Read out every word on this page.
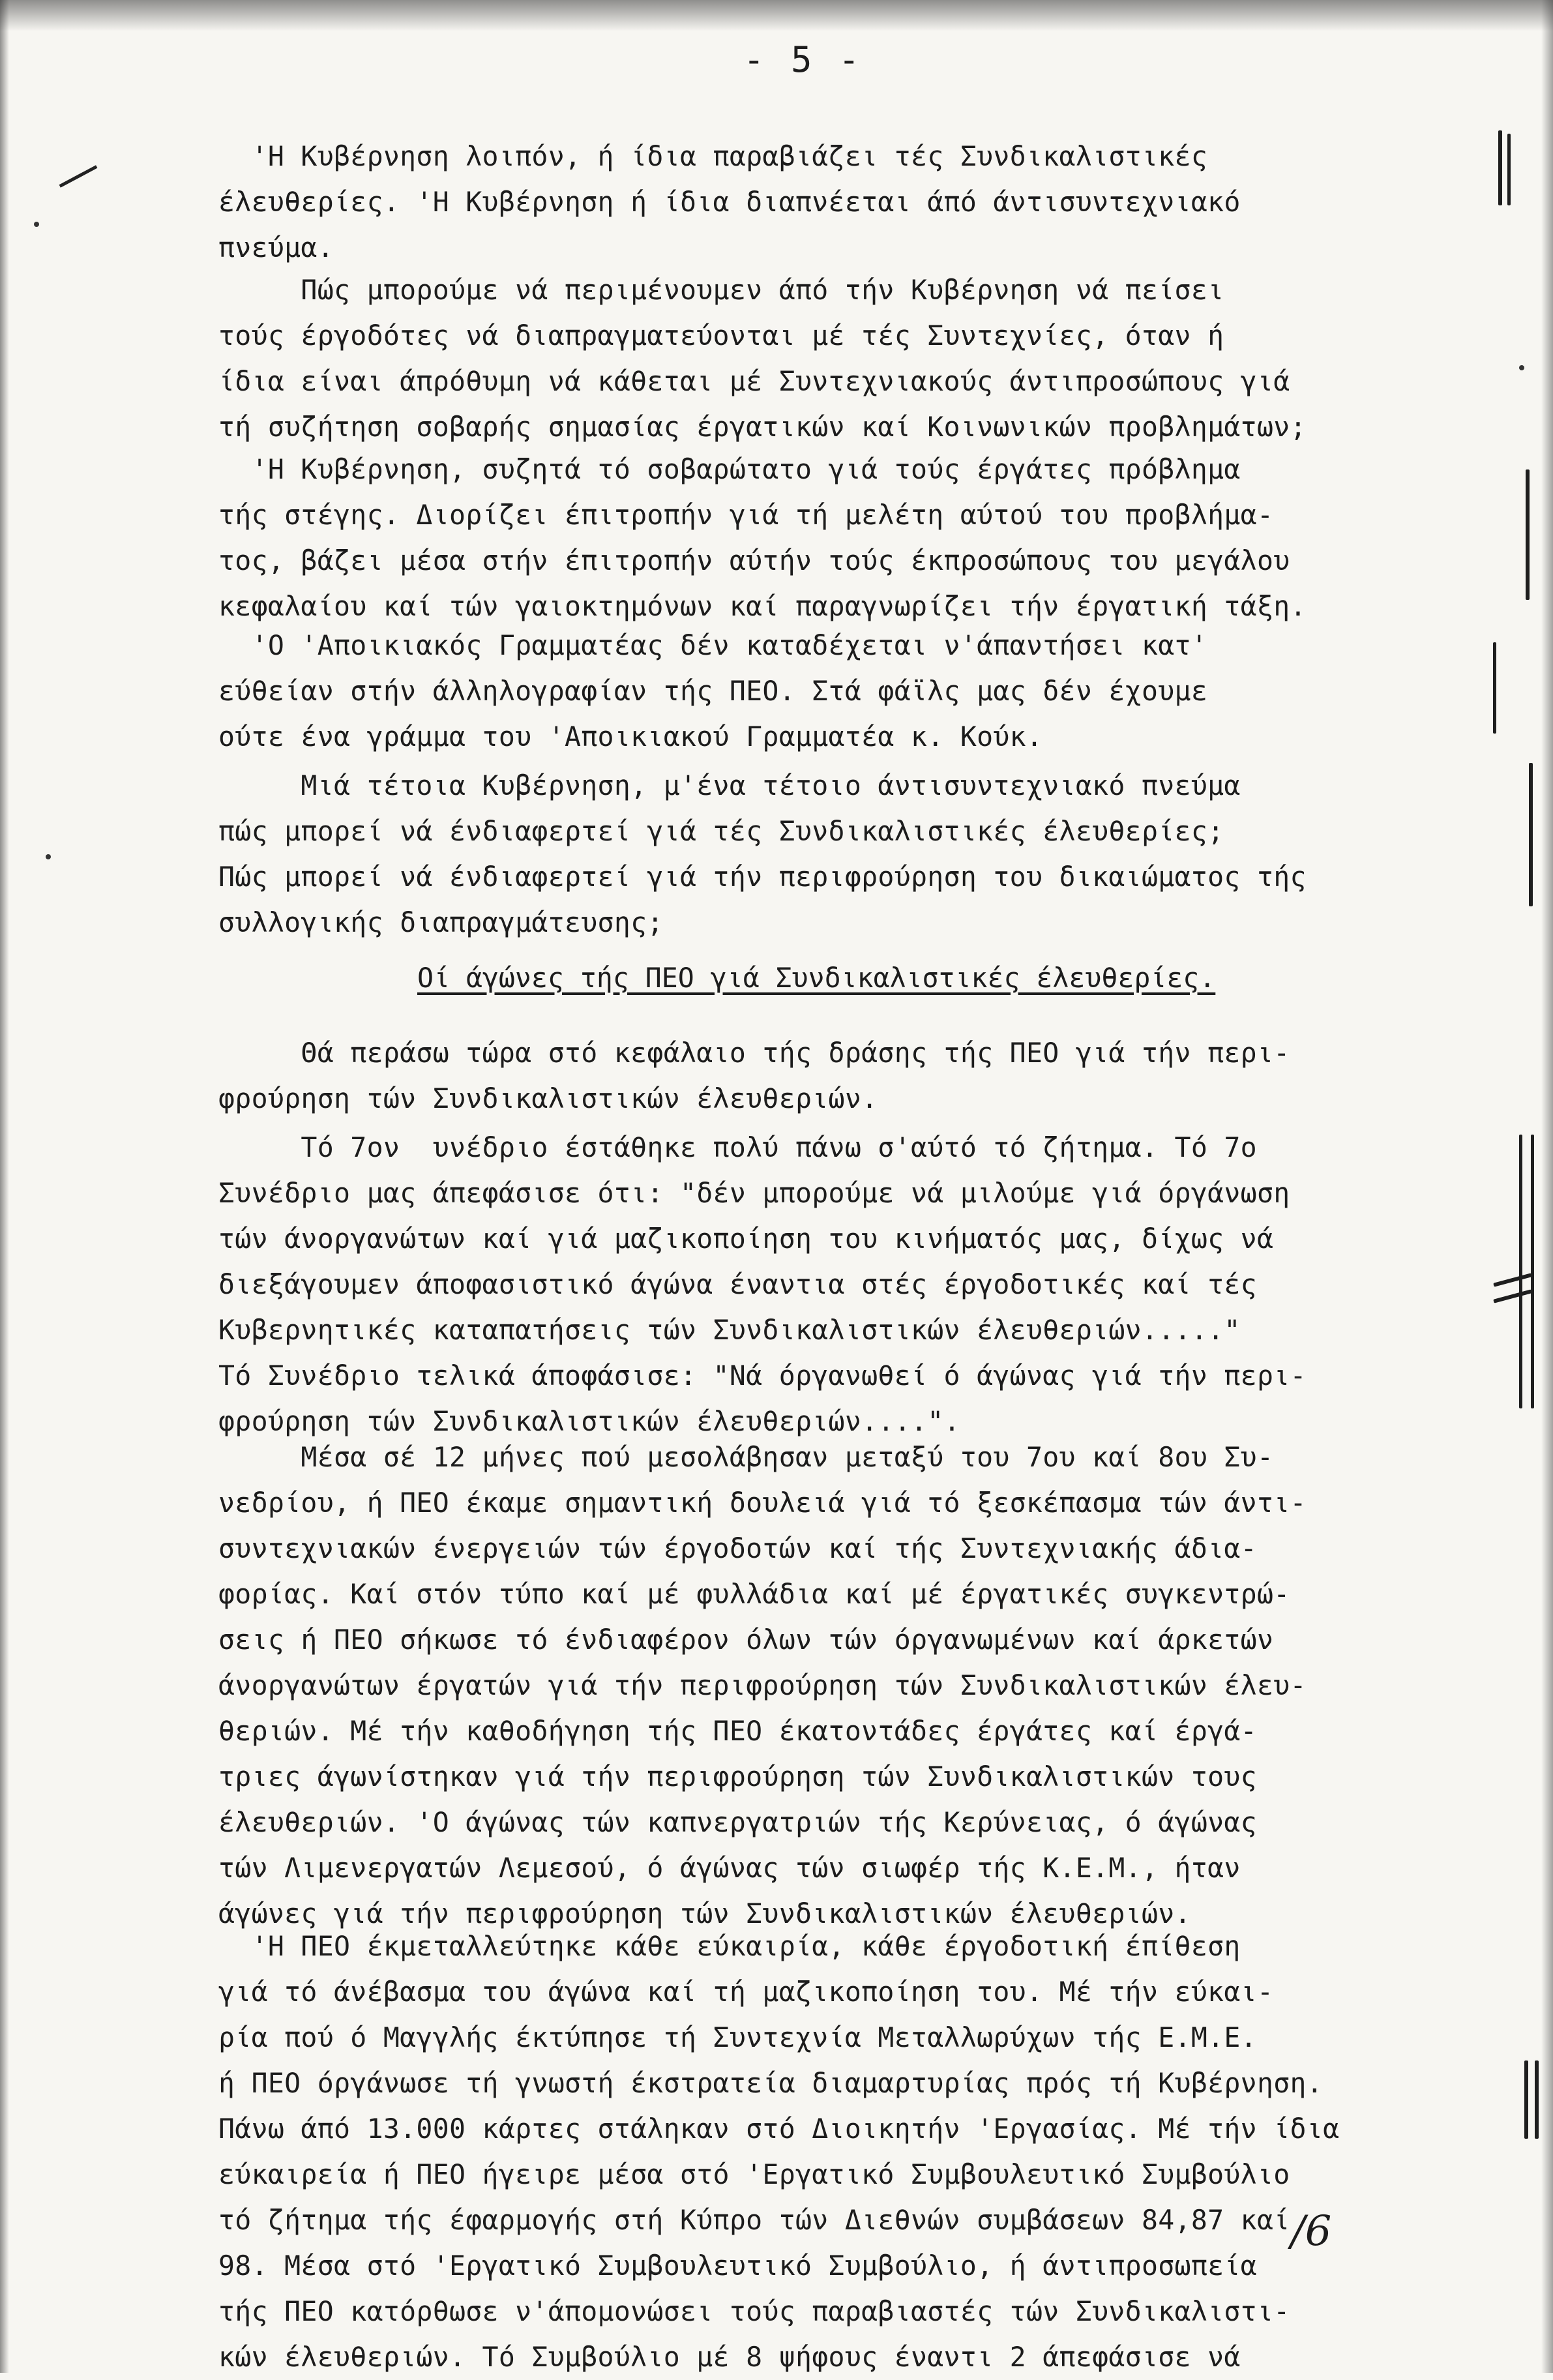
- 5 -
'Η Κυβέρνηση λοιπόν, ή ίδια παραβιάζει τές Συνδικαλιστικές
έλευθερίες. 'Η Κυβέρνηση ή ίδια διαπνέεται άπό άντισυντεχνιακό
πνεύμα.
Πώς μπορούμε νά περιμένουμεν άπό τήν Κυβέρνηση νά πείσει
τούς έργοδότες νά διαπραγματεύονται μέ τές Συντεχνίες, όταν ή
ίδια είναι άπρόθυμη νά κάθεται μέ Συντεχνιακούς άντιπροσώπους γιά
τή συζήτηση σοβαρής σημασίας έργατικών καί Κοινωνικών προβλημάτων;
'Η Κυβέρνηση, συζητά τό σοβαρώτατο γιά τούς έργάτες πρόβλημα
τής στέγης. Διορίζει έπιτροπήν γιά τή μελέτη αύτού του προβλήμα-
τος, βάζει μέσα στήν έπιτροπήν αύτήν τούς έκπροσώπους του μεγάλου
κεφαλαίου καί τών γαιοκτημόνων καί παραγνωρίζει τήν έργατική τάξη.
'Ο 'Αποικιακός Γραμματέας δέν καταδέχεται ν'άπαντήσει κατ'
εύθείαν στήν άλληλογραφίαν τής ΠΕΟ. Στά φάϊλς μας δέν έχουμε
ούτε ένα γράμμα του 'Αποικιακού Γραμματέα κ. Κούκ.
Μιά τέτοια Κυβέρνηση, μ'ένα τέτοιο άντισυντεχνιακό πνεύμα
πώς μπορεί νά ένδιαφερτεί γιά τές Συνδικαλιστικές έλευθερίες;
Πώς μπορεί νά ένδιαφερτεί γιά τήν περιφρούρηση του δικαιώματος τής
συλλογικής διαπραγμάτευσης;
Οί άγώνες τής ΠΕΟ γιά Συνδικαλιστικές έλευθερίες.
Θά περάσω τώρα στό κεφάλαιο τής δράσης τής ΠΕΟ γιά τήν περι-
φρούρηση τών Συνδικαλιστικών έλευθεριών.
Τό 7ον  υνέδριο έστάθηκε πολύ πάνω σ'αύτό τό ζήτημα. Τό 7ο
Συνέδριο μας άπεφάσισε ότι: "δέν μπορούμε νά μιλούμε γιά όργάνωση
τών άνοργανώτων καί γιά μαζικοποίηση του κινήματός μας, δίχως νά
διεξάγουμεν άποφασιστικό άγώνα έναντια στές έργοδοτικές καί τές
Κυβερνητικές καταπατήσεις τών Συνδικαλιστικών έλευθεριών....."
Τό Συνέδριο τελικά άποφάσισε: "Νά όργανωθεί ό άγώνας γιά τήν περι-
φρούρηση τών Συνδικαλιστικών έλευθεριών....".
Μέσα σέ 12 μήνες πού μεσολάβησαν μεταξύ του 7ου καί 8ου Συ-
νεδρίου, ή ΠΕΟ έκαμε σημαντική δουλειά γιά τό ξεσκέπασμα τών άντι-
συντεχνιακών ένεργειών τών έργοδοτών καί τής Συντεχνιακής άδια-
φορίας. Καί στόν τύπο καί μέ φυλλάδια καί μέ έργατικές συγκεντρώ-
σεις ή ΠΕΟ σήκωσε τό ένδιαφέρον όλων τών όργανωμένων καί άρκετών
άνοργανώτων έργατών γιά τήν περιφρούρηση τών Συνδικαλιστικών έλευ-
θεριών. Μέ τήν καθοδήγηση τής ΠΕΟ έκατοντάδες έργάτες καί έργά-
τριες άγωνίστηκαν γιά τήν περιφρούρηση τών Συνδικαλιστικών τους
έλευθεριών. 'Ο άγώνας τών καπνεργατριών τής Κερύνειας, ό άγώνας
τών Λιμενεργατών Λεμεσού, ό άγώνας τών σιωφέρ τής Κ.Ε.Μ., ήταν
άγώνες γιά τήν περιφρούρηση τών Συνδικαλιστικών έλευθεριών.
'Η ΠΕΟ έκμεταλλεύτηκε κάθε εύκαιρία, κάθε έργοδοτική έπίθεση
γιά τό άνέβασμα του άγώνα καί τή μαζικοποίηση του. Μέ τήν εύκαι-
ρία πού ό Μαγγλής έκτύπησε τή Συντεχνία Μεταλλωρύχων τής Ε.Μ.Ε.
ή ΠΕΟ όργάνωσε τή γνωστή έκστρατεία διαμαρτυρίας πρός τή Κυβέρνηση.
Πάνω άπό 13.000 κάρτες στάληκαν στό Διοικητήν 'Εργασίας. Μέ τήν ίδια
εύκαιρεία ή ΠΕΟ ήγειρε μέσα στό 'Εργατικό Συμβουλευτικό Συμβούλιο
τό ζήτημα τής έφαρμογής στή Κύπρο τών Διεθνών συμβάσεων 84,87 καί
98. Μέσα στό 'Εργατικό Συμβουλευτικό Συμβούλιο, ή άντιπροσωπεία
τής ΠΕΟ κατόρθωσε ν'άπομονώσει τούς παραβιαστές τών Συνδικαλιστι-
κών έλευθεριών. Τό Συμβούλιο μέ 8 ψήφους έναντι 2 άπεφάσισε νά
/6
